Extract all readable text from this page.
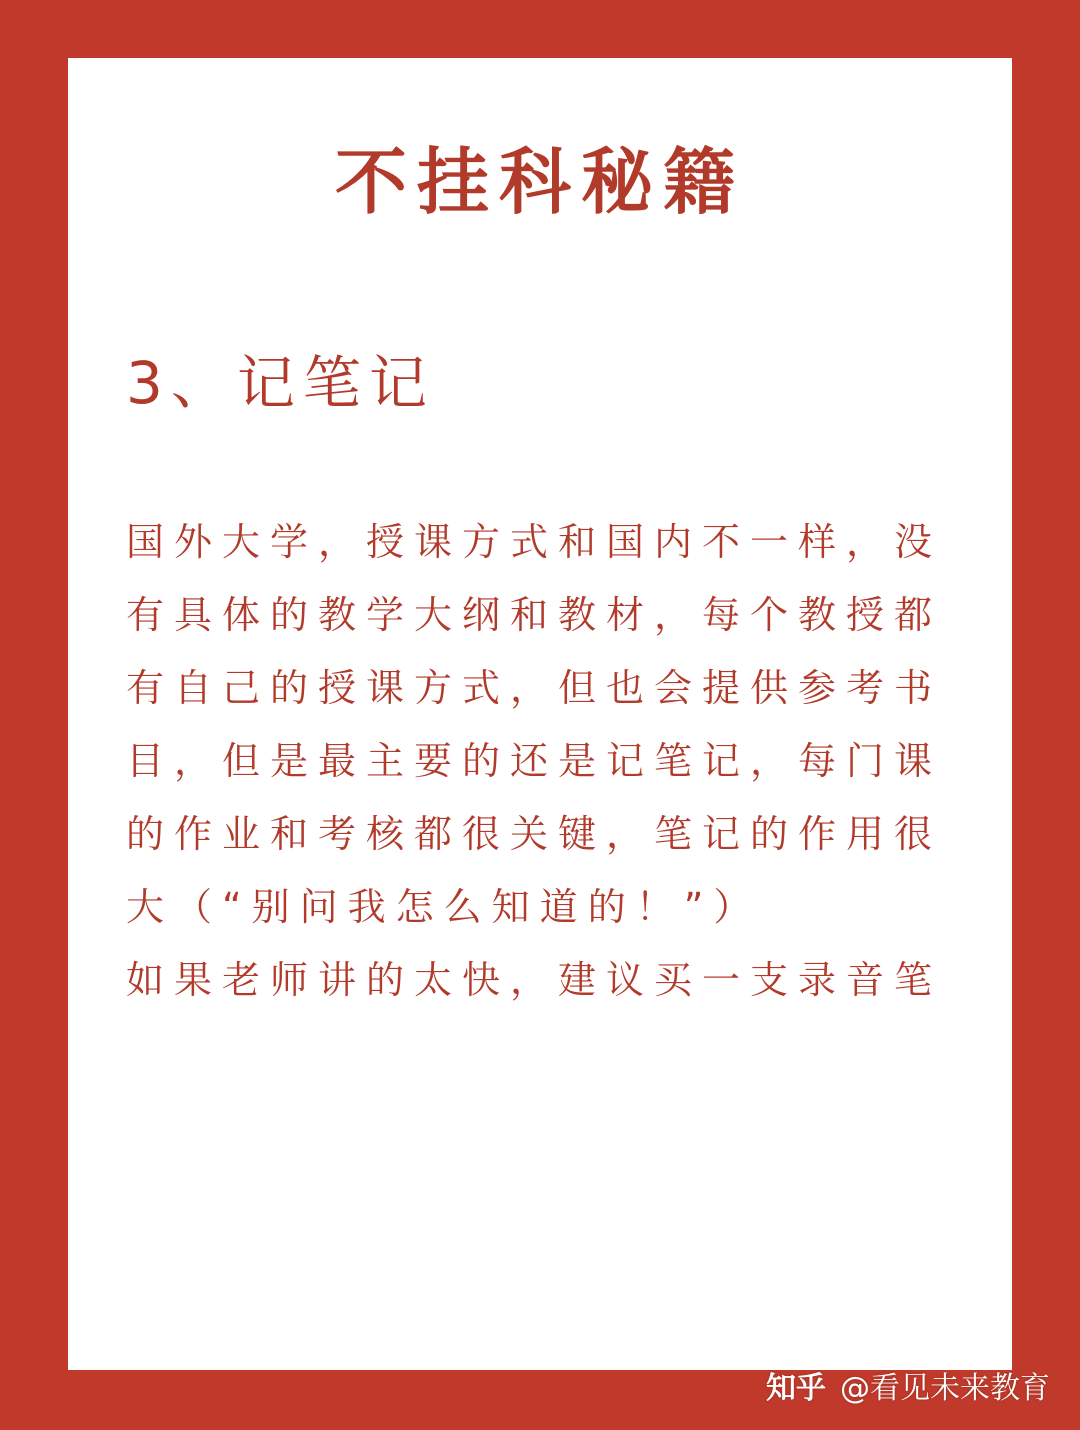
不挂科秘籍
3、记笔记
国外大学，授课方式和国内不一样，没
有具体的教学大纲和教材，每个教授都
有自己的授课方式，但也会提供参考书
目，但是最主要的还是记笔记，每门课
的作业和考核都很关键，笔记的作用很
大（“别问我怎么知道的！”）
如果老师讲的太快，建议买一支录音笔
知乎 @看见未来教育
